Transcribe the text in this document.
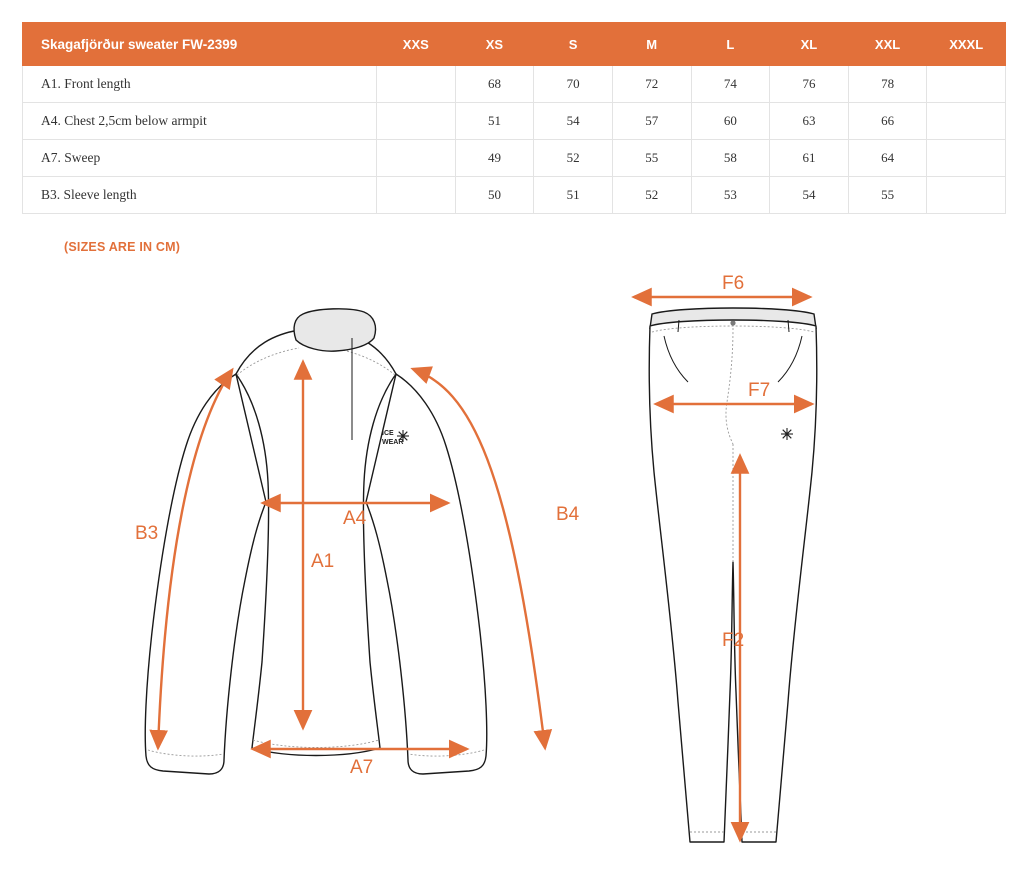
Skagafjörður sweater FW-2399	XXS	XS	S	M	L	XL	XXL	XXXL
A1. Front length		68	70	72	74	76	78	
A4. Chest 2,5cm below armpit		51	54	57	60	63	66	
A7. Sweep		49	52	55	58	61	64	
B3. Sleeve length		50	51	52	53	54	55	
(SIZES ARE IN CM)
ICE
WEAR
B3
B4
A4
A1
A7
F6
F7
F2
